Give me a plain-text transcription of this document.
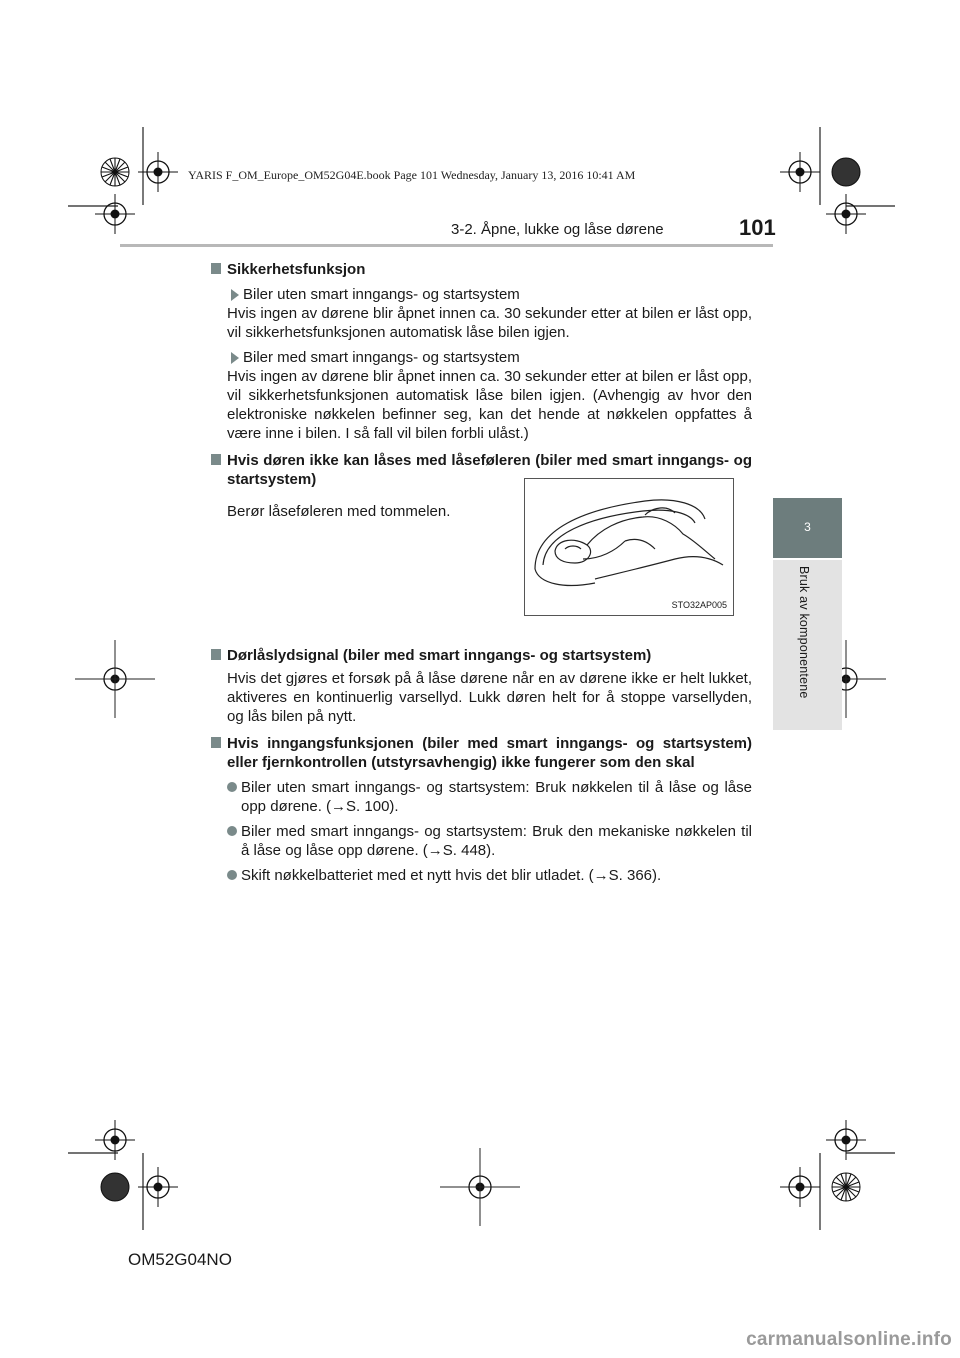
YARIS F_OM_Europe_OM52G04E.book Page 101 Wednesday, January 13, 2016 10:41 AM
3-2. Åpne, lukke og låse dørene	101
3
Bruk av komponentene
Sikkerhetsfunksjon
Biler uten smart inngangs- og startsystem
Hvis ingen av dørene blir åpnet innen ca. 30 sekunder etter at bilen er låst opp, vil sikkerhetsfunksjonen automatisk låse bilen igjen.
Biler med smart inngangs- og startsystem
Hvis ingen av dørene blir åpnet innen ca. 30 sekunder etter at bilen er låst opp, vil sikkerhetsfunksjonen automatisk låse bilen igjen. (Avhengig av hvor den elektroniske nøkkelen befinner seg, kan det hende at nøkkelen oppfattes å være inne i bilen. I så fall vil bilen forbli ulåst.)
Hvis døren ikke kan låses med låseføleren (biler med smart inngangs- og startsystem)
Berør låseføleren med tommelen.
Dørlåslydsignal (biler med smart inngangs- og startsystem)
Hvis det gjøres et forsøk på å låse dørene når en av dørene ikke er helt lukket, aktiveres en kontinuerlig varsellyd. Lukk døren helt for å stoppe varsellyden, og lås bilen på nytt.
Hvis inngangsfunksjonen (biler med smart inngangs- og startsystem) eller fjernkontrollen (utstyrsavhengig) ikke fungerer som den skal
Biler uten smart inngangs- og startsystem: Bruk nøkkelen til å låse og låse opp dørene. (→S. 100).
Biler med smart inngangs- og startsystem: Bruk den mekaniske nøkkelen til å låse og låse opp dørene. (→S. 448).
Skift nøkkelbatteriet med et nytt hvis det blir utladet. (→S. 366).
STO32AP005
OM52G04NO
carmanualsonline.info
